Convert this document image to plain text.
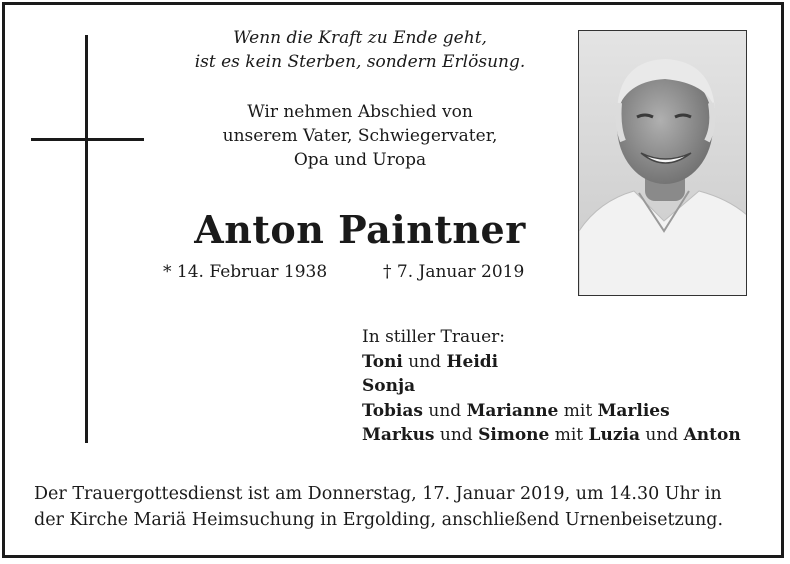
Wenn die Kraft zu Ende geht,
ist es kein Sterben, sondern Erlösung.
Wir nehmen Abschied von
unserem Vater, Schwiegervater,
Opa und Uropa
Anton Paintner
* 14. Februar 1938	† 7. Januar 2019
In stiller Trauer:
Toni und Heidi
Sonja
Tobias und Marianne mit Marlies
Markus und Simone mit Luzia und Anton
Der Trauergottesdienst ist am Donnerstag, 17. Januar 2019, um 14.30 Uhr in
der Kirche Mariä Heimsuchung in Ergolding, anschließend Urnenbeisetzung.
